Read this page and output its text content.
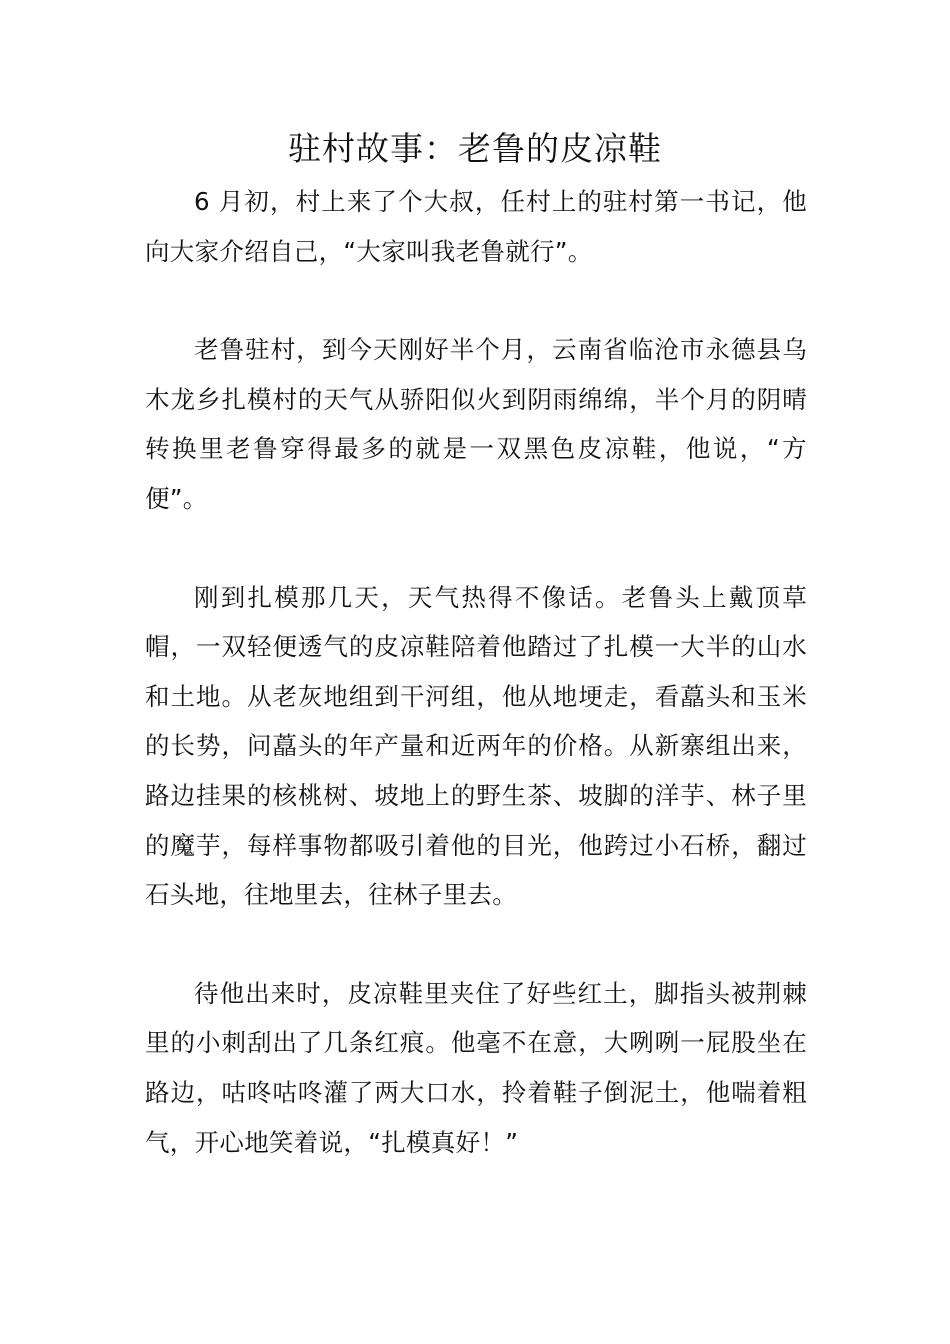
驻村故事：老鲁的皮凉鞋

6 月初，村上来了个大叔，任村上的驻村第一书记，他向大家介绍自己，“大家叫我老鲁就行”。

老鲁驻村，到今天刚好半个月，云南省临沧市永德县乌木龙乡扎模村的天气从骄阳似火到阴雨绵绵，半个月的阴晴转换里老鲁穿得最多的就是一双黑色皮凉鞋，他说，“方便”。

刚到扎模那几天，天气热得不像话。老鲁头上戴顶草帽，一双轻便透气的皮凉鞋陪着他踏过了扎模一大半的山水和土地。从老灰地组到干河组，他从地埂走，看藠头和玉米的长势，问藠头的年产量和近两年的价格。从新寨组出来，路边挂果的核桃树、坡地上的野生茶、坡脚的洋芋、林子里的魔芋，每样事物都吸引着他的目光，他跨过小石桥，翻过石头地，往地里去，往林子里去。

待他出来时，皮凉鞋里夹住了好些红土，脚指头被荆棘里的小刺刮出了几条红痕。他毫不在意，大咧咧一屁股坐在路边，咕咚咕咚灌了两大口水，拎着鞋子倒泥土，他喘着粗气，开心地笑着说，“扎模真好！”
